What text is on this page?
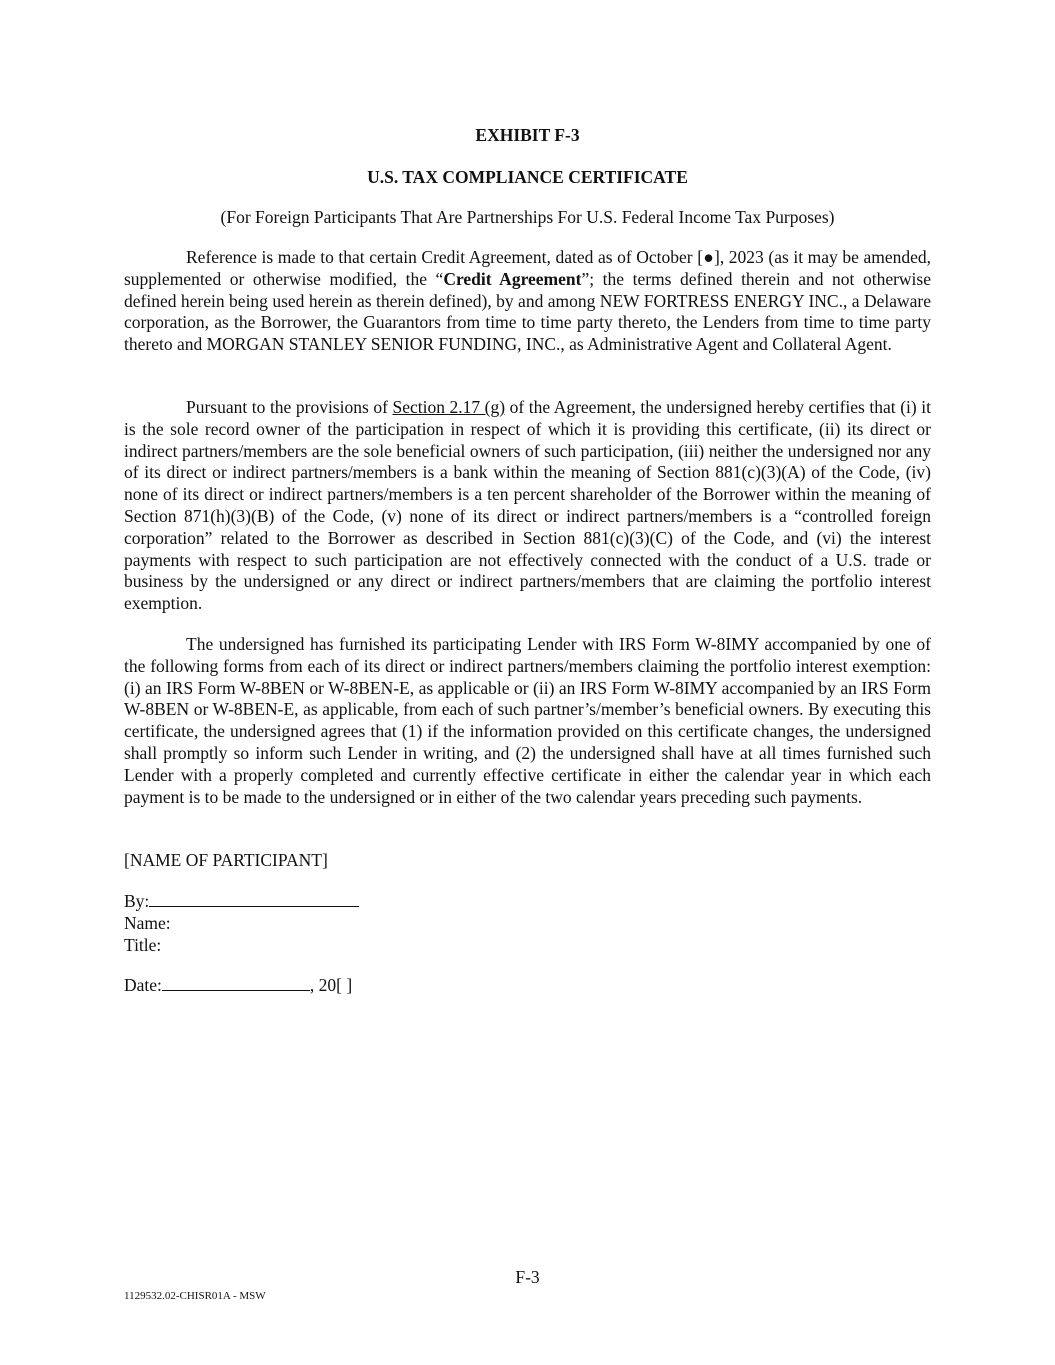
EXHIBIT F-3
U.S. TAX COMPLIANCE CERTIFICATE
(For Foreign Participants That Are Partnerships For U.S. Federal Income Tax Purposes)

Reference is made to that certain Credit Agreement, dated as of October [●], 2023 (as it may be amended, supplemented or otherwise modified, the “Credit Agreement”; the terms defined therein and not otherwise defined herein being used herein as therein defined), by and among NEW FORTRESS ENERGY INC., a Delaware corporation, as the Borrower, the Guarantors from time to time party thereto, the Lenders from time to time party thereto and MORGAN STANLEY SENIOR FUNDING, INC., as Administrative Agent and Collateral Agent.

Pursuant to the provisions of Section 2.17 (g) of the Agreement, the undersigned hereby certifies that (i) it is the sole record owner of the participation in respect of which it is providing this certificate, (ii) its direct or indirect partners/members are the sole beneficial owners of such participation, (iii) neither the undersigned nor any of its direct or indirect partners/members is a bank within the meaning of Section 881(c)(3)(A) of the Code, (iv) none of its direct or indirect partners/members is a ten percent shareholder of the Borrower within the meaning of Section 871(h)(3)(B) of the Code, (v) none of its direct or indirect partners/members is a “controlled foreign corporation” related to the Borrower as described in Section 881(c)(3)(C) of the Code, and (vi) the interest payments with respect to such participation are not effectively connected with the conduct of a U.S. trade or business by the undersigned or any direct or indirect partners/members that are claiming the portfolio interest exemption.

The undersigned has furnished its participating Lender with IRS Form W-8IMY accompanied by one of the following forms from each of its direct or indirect partners/members claiming the portfolio interest exemption: (i) an IRS Form W-8BEN or W-8BEN-E, as applicable or (ii) an IRS Form W-8IMY accompanied by an IRS Form W-8BEN or W-8BEN-E, as applicable, from each of such partner’s/member’s beneficial owners. By executing this certificate, the undersigned agrees that (1) if the information provided on this certificate changes, the undersigned shall promptly so inform such Lender in writing, and (2) the undersigned shall have at all times furnished such Lender with a properly completed and currently effective certificate in either the calendar year in which each payment is to be made to the undersigned or in either of the two calendar years preceding such payments.

[NAME OF PARTICIPANT]
By:
Name:
Title:
Date:	, 20[ ]
F-3
1129532.02-CHISR01A - MSW
